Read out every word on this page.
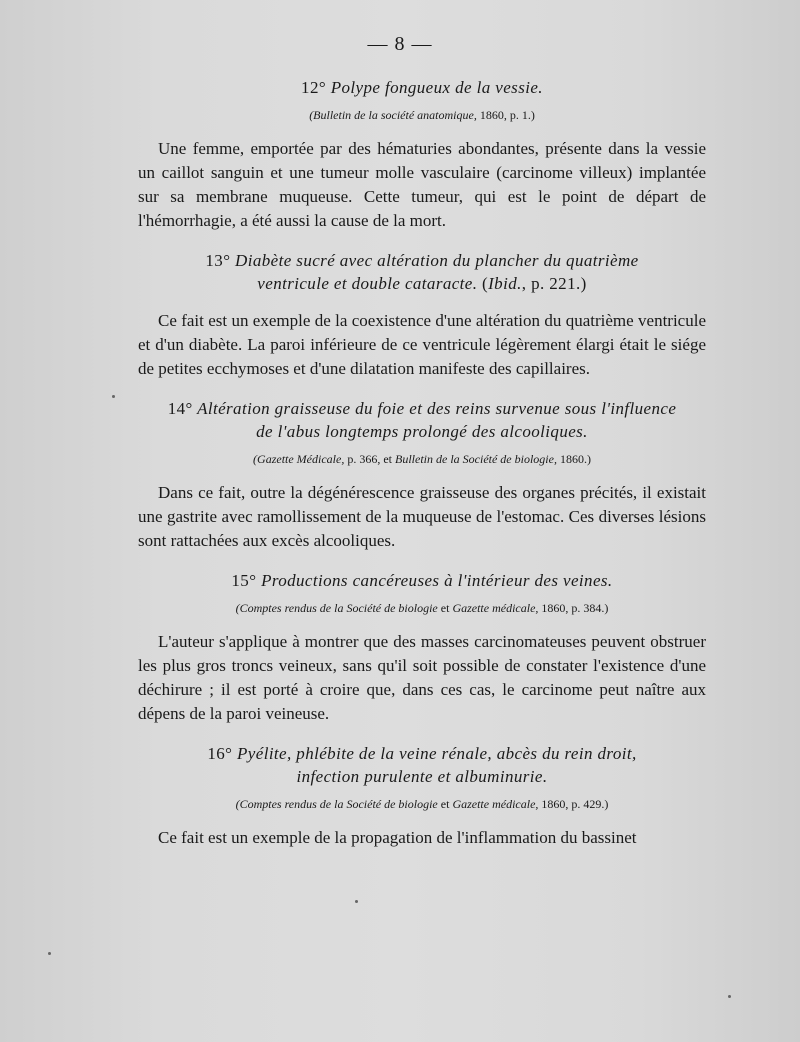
— 8 —

12° Polype fongueux de la vessie.

(Bulletin de la société anatomique, 1860, p. 1.)

Une femme, emportée par des hématuries abondantes, présente dans la vessie un caillot sanguin et une tumeur molle vasculaire (carcinome villeux) implantée sur sa membrane muqueuse. Cette tumeur, qui est le point de départ de l'hémorrhagie, a été aussi la cause de la mort.

13° Diabète sucré avec altération du plancher du quatrième
ventricule et double cataracte. (Ibid., p. 221.)

Ce fait est un exemple de la coexistence d'une altération du quatrième ventricule et d'un diabète. La paroi inférieure de ce ventricule légèrement élargi était le siége de petites ecchymoses et d'une dilatation manifeste des capillaires.

14° Altération graisseuse du foie et des reins survenue sous l'influence
de l'abus longtemps prolongé des alcooliques.

(Gazette Médicale, p. 366, et Bulletin de la Société de biologie, 1860.)

Dans ce fait, outre la dégénérescence graisseuse des organes précités, il existait une gastrite avec ramollissement de la muqueuse de l'estomac. Ces diverses lésions sont rattachées aux excès alcooliques.

15° Productions cancéreuses à l'intérieur des veines.

(Comptes rendus de la Société de biologie et Gazette médicale, 1860, p. 384.)

L'auteur s'applique à montrer que des masses carcinomateuses peuvent obstruer les plus gros troncs veineux, sans qu'il soit possible de constater l'existence d'une déchirure ; il est porté à croire que, dans ces cas, le carcinome peut naître aux dépens de la paroi veineuse.

16° Pyélite, phlébite de la veine rénale, abcès du rein droit,
infection purulente et albuminurie.

(Comptes rendus de la Société de biologie et Gazette médicale, 1860, p. 429.)

Ce fait est un exemple de la propagation de l'inflammation du bassinet
